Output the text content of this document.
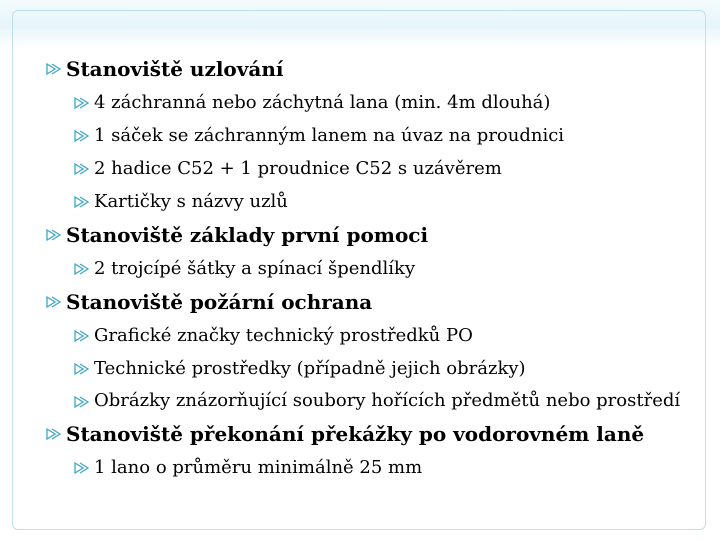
Stanoviště uzlování
4 záchranná nebo záchytná lana (min. 4m dlouhá)
1 sáček se záchranným lanem na úvaz na proudnici
2 hadice C52 + 1 proudnice C52 s uzávěrem
Kartičky s názvy uzlů
Stanoviště základy první pomoci
2 trojcípé šátky a spínací špendlíky
Stanoviště požární ochrana
Grafické značky technický prostředků PO
Technické prostředky (případně jejich obrázky)
Obrázky znázorňující soubory hořících předmětů nebo prostředí
Stanoviště překonání překážky po vodorovném laně
1 lano o průměru minimálně 25 mm
